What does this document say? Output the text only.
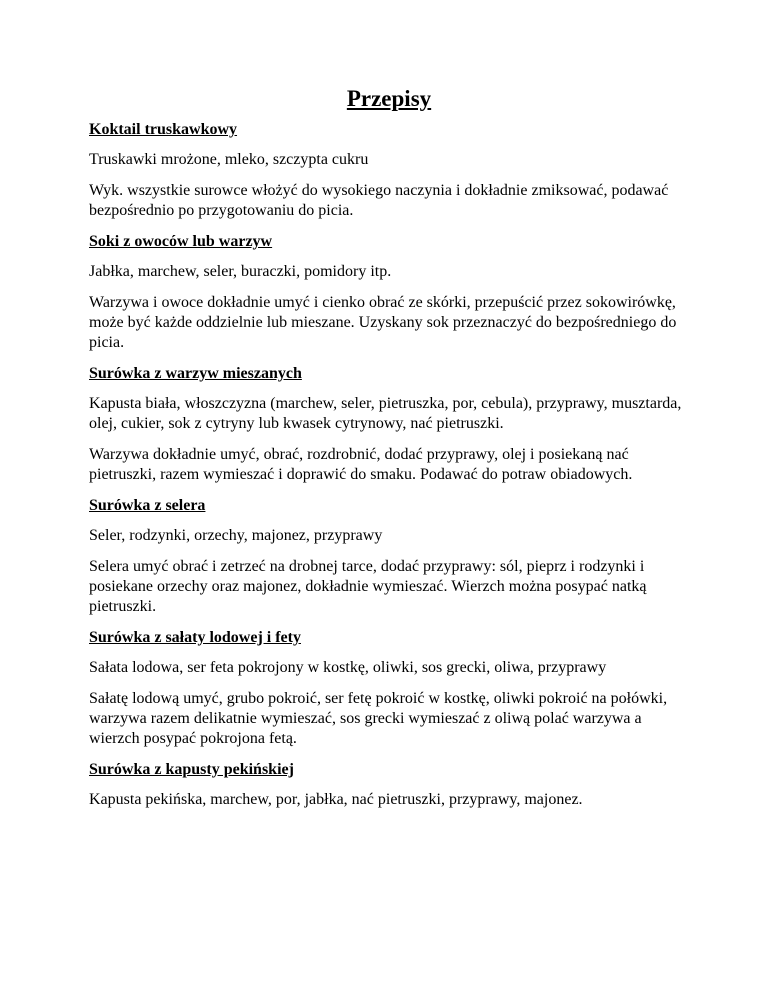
Przepisy
Koktail truskawkowy

Truskawki mrożone, mleko, szczypta cukru

Wyk. wszystkie surowce włożyć do wysokiego naczynia i dokładnie zmiksować, podawać bezpośrednio po przygotowaniu do picia.

Soki z owoców lub warzyw

Jabłka, marchew, seler, buraczki, pomidory itp.

Warzywa i owoce dokładnie umyć i cienko obrać ze skórki, przepuścić przez sokowirówkę, może być każde oddzielnie lub mieszane. Uzyskany sok przeznaczyć do bezpośredniego do picia.

Surówka z warzyw mieszanych

Kapusta biała, włoszczyzna (marchew, seler, pietruszka, por, cebula), przyprawy, musztarda, olej, cukier, sok z cytryny lub kwasek cytrynowy, nać pietruszki.

Warzywa dokładnie umyć, obrać, rozdrobnić, dodać przyprawy, olej i posiekaną nać pietruszki, razem wymieszać i doprawić do smaku. Podawać do potraw obiadowych.

Surówka z selera

Seler, rodzynki, orzechy, majonez, przyprawy

Selera umyć obrać i zetrzeć na drobnej tarce, dodać przyprawy: sól, pieprz i rodzynki i posiekane orzechy oraz majonez, dokładnie wymieszać. Wierzch można posypać natką pietruszki.

Surówka z sałaty lodowej i fety

Sałata lodowa, ser feta pokrojony w kostkę, oliwki, sos grecki, oliwa, przyprawy

Sałatę lodową umyć, grubo pokroić, ser fetę pokroić w kostkę, oliwki pokroić na połówki, warzywa razem delikatnie wymieszać, sos grecki wymieszać z oliwą polać warzywa a wierzch posypać pokrojona fetą.

Surówka z kapusty pekińskiej

Kapusta pekińska, marchew, por, jabłka, nać pietruszki, przyprawy, majonez.
